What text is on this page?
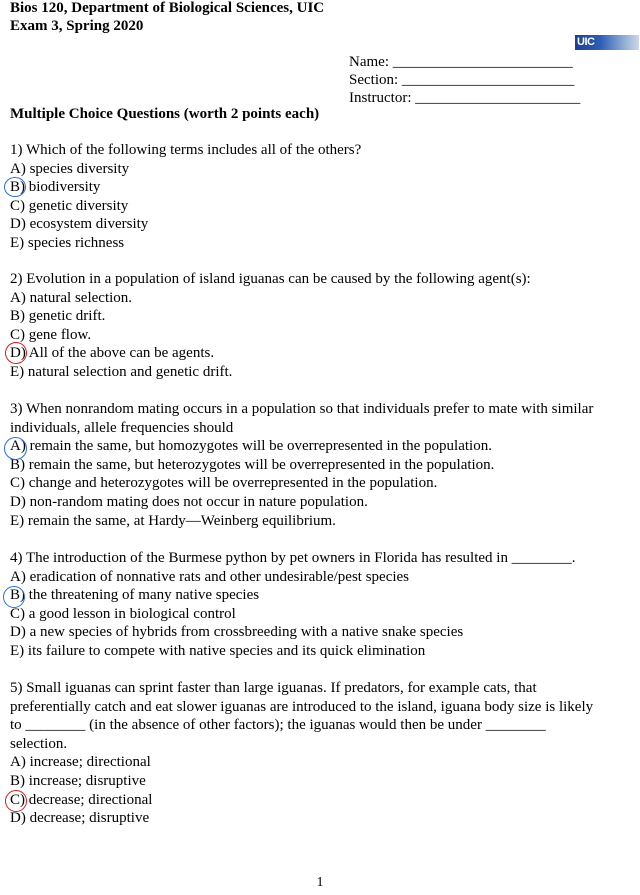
Bios 120, Department of Biological Sciences, UIC
Exam 3, Spring 2020
UIC
Name: ________________________
Section: _______________________
Instructor: ______________________
Multiple Choice Questions (worth 2 points each)
1) Which of the following terms includes all of the others?
A) species diversity
B) biodiversity
C) genetic diversity
D) ecosystem diversity
E) species richness
2) Evolution in a population of island iguanas can be caused by the following agent(s):
A) natural selection.
B) genetic drift.
C) gene flow.
D) All of the above can be agents.
E) natural selection and genetic drift.
3) When nonrandom mating occurs in a population so that individuals prefer to mate with similar
individuals, allele frequencies should
A) remain the same, but homozygotes will be overrepresented in the population.
B) remain the same, but heterozygotes will be overrepresented in the population.
C) change and heterozygotes will be overrepresented in the population.
D) non-random mating does not occur in nature population.
E) remain the same, at Hardy—Weinberg equilibrium.
4) The introduction of the Burmese python by pet owners in Florida has resulted in ________.
A) eradication of nonnative rats and other undesirable/pest species
B) the threatening of many native species
C) a good lesson in biological control
D) a new species of hybrids from crossbreeding with a native snake species
E) its failure to compete with native species and its quick elimination
5) Small iguanas can sprint faster than large iguanas. If predators, for example cats, that
preferentially catch and eat slower iguanas are introduced to the island, iguana body size is likely
to ________ (in the absence of other factors); the iguanas would then be under ________
selection.
A) increase; directional
B) increase; disruptive
C) decrease; directional
D) decrease; disruptive
1
